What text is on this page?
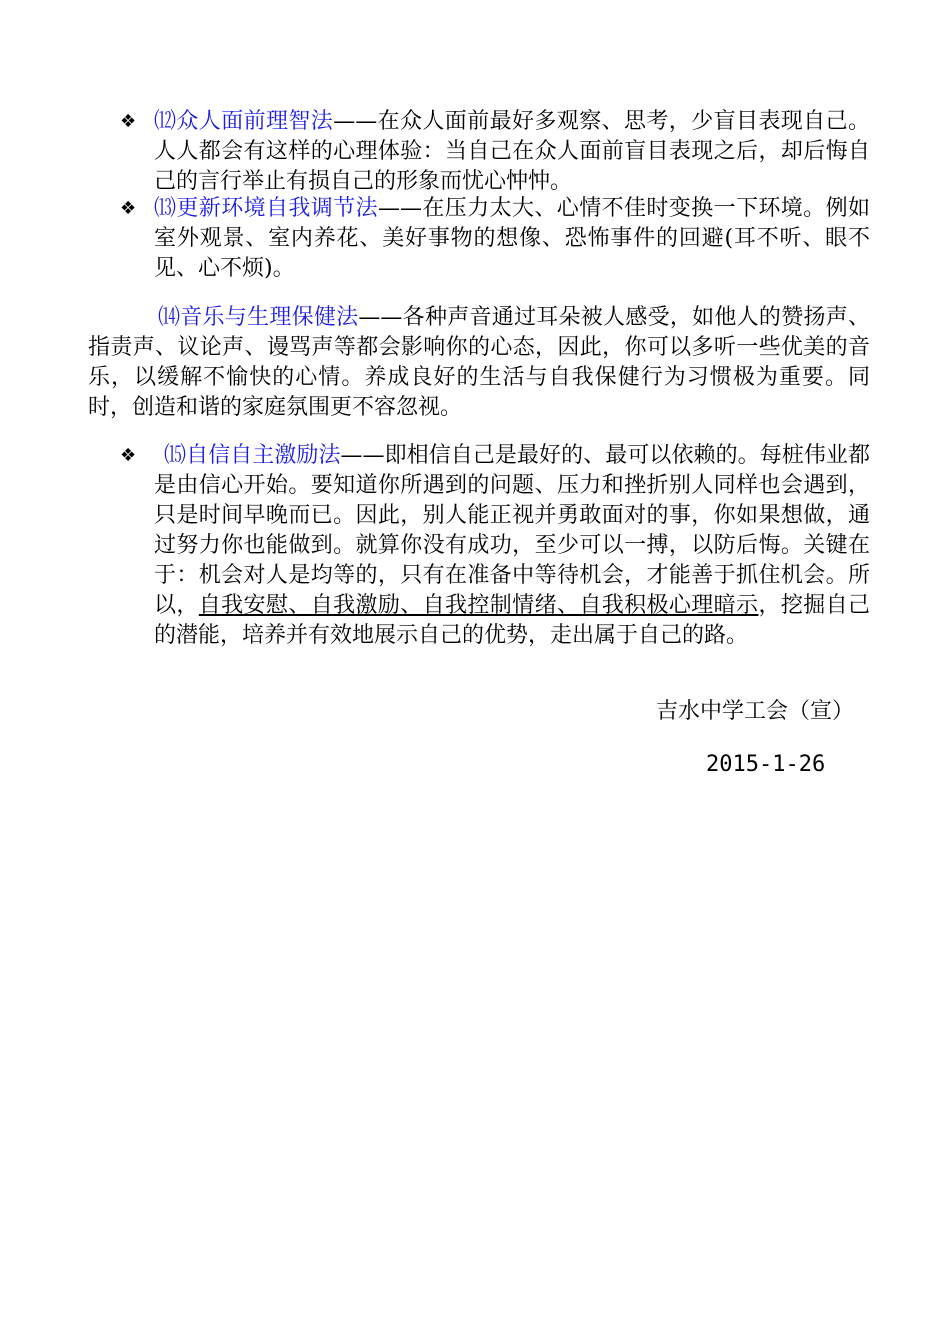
❖ ⑿众人面前理智法——在众人面前最好多观察、思考，少盲目表现自己。人人都会有这样的心理体验：当自己在众人面前盲目表现之后，却后悔自己的言行举止有损自己的形象而忧心忡忡。
❖ ⒀更新环境自我调节法——在压力太大、心情不佳时变换一下环境。例如室外观景、室内养花、美好事物的想像、恐怖事件的回避(耳不听、眼不见、心不烦)。
⒁音乐与生理保健法——各种声音通过耳朵被人感受，如他人的赞扬声、指责声、议论声、谩骂声等都会影响你的心态，因此，你可以多听一些优美的音乐，以缓解不愉快的心情。养成良好的生活与自我保健行为习惯极为重要。同时，创造和谐的家庭氛围更不容忽视。
❖	⒂自信自主激励法——即相信自己是最好的、最可以依赖的。每桩伟业都是由信心开始。要知道你所遇到的问题、压力和挫折别人同样也会遇到，只是时间早晚而已。因此，别人能正视并勇敢面对的事，你如果想做，通过努力你也能做到。就算你没有成功，至少可以一搏，以防后悔。关键在于：机会对人是均等的，只有在准备中等待机会，才能善于抓住机会。所以，自我安慰、自我激励、自我控制情绪、自我积极心理暗示，挖掘自己的潜能，培养并有效地展示自己的优势，走出属于自己的路。
吉水中学工会（宣）
2015-1-26
